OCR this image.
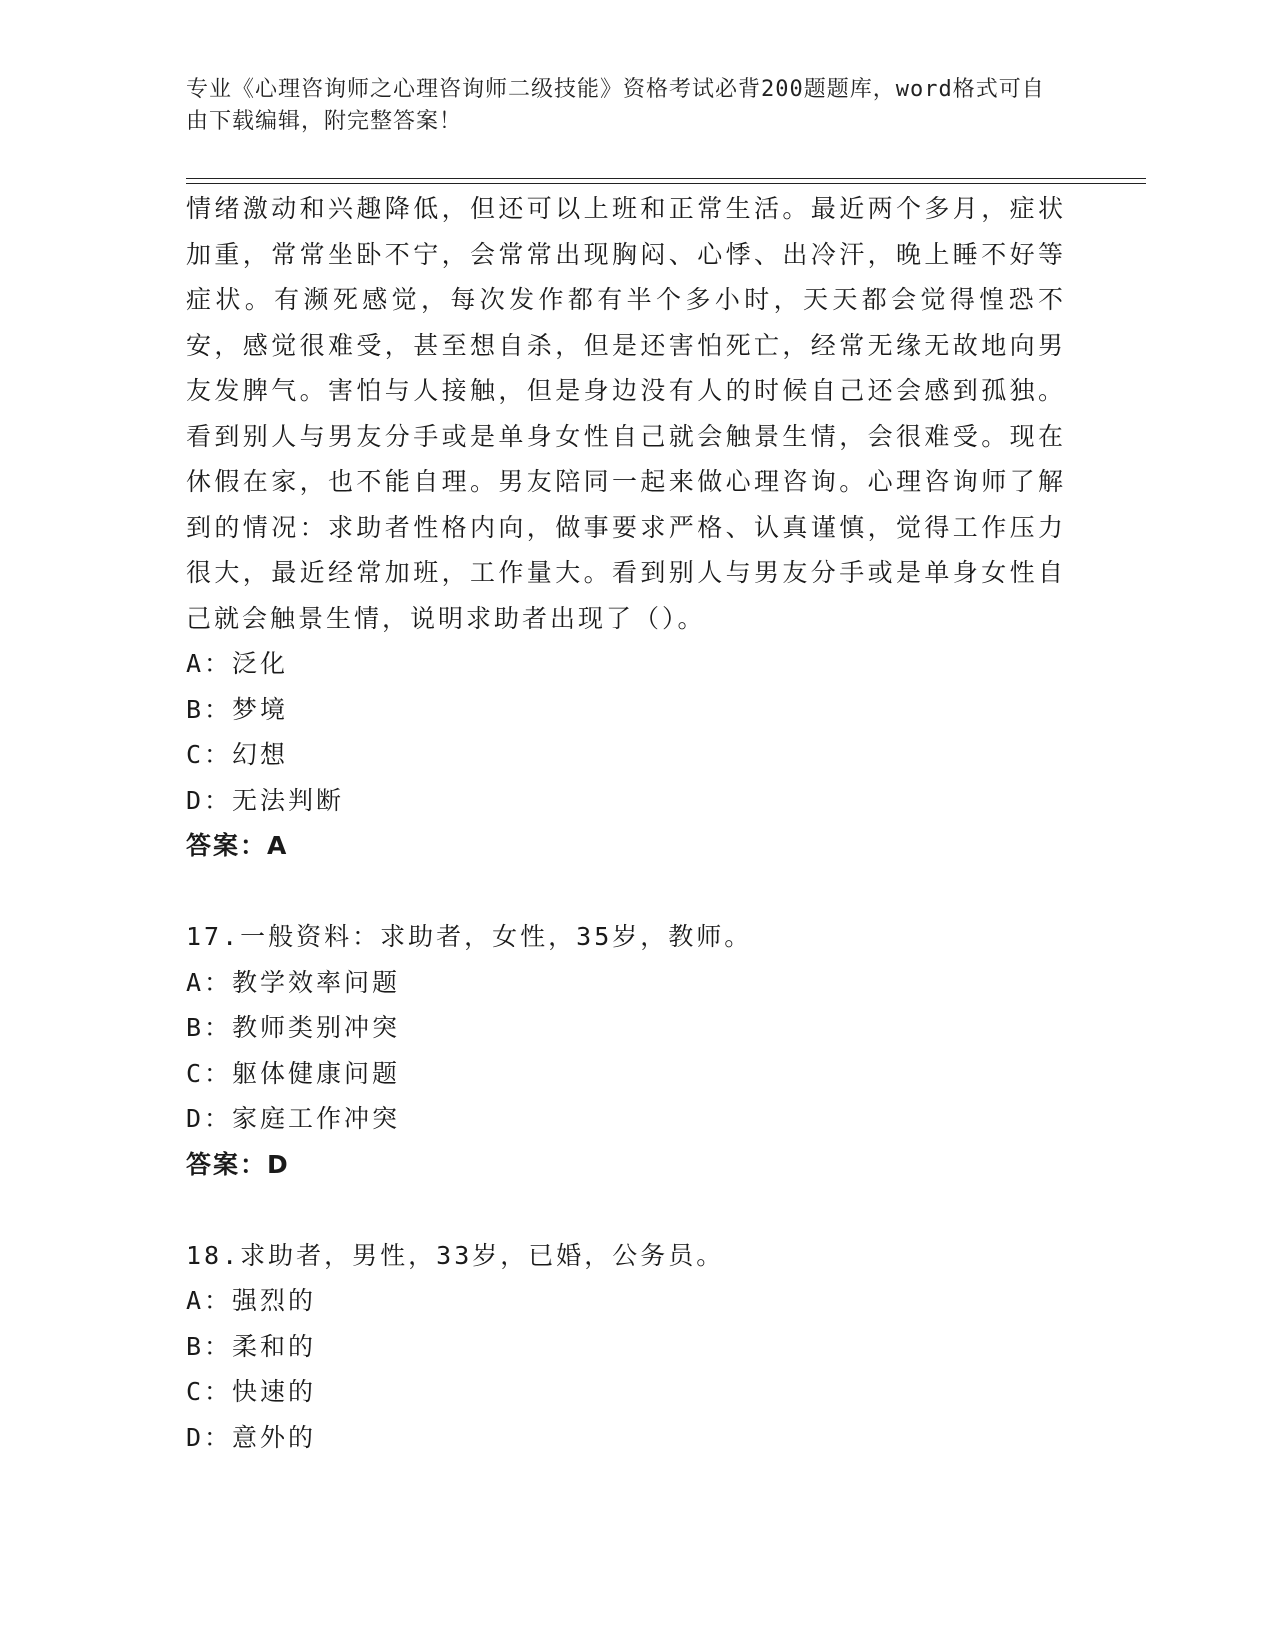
专业《心理咨询师之心理咨询师二级技能》资格考试必背200题题库，word格式可自由下载编辑，附完整答案！

情绪激动和兴趣降低，但还可以上班和正常生活。最近两个多月，症状加重，常常坐卧不宁，会常常出现胸闷、心悸、出冷汗，晚上睡不好等症状。有濒死感觉，每次发作都有半个多小时，天天都会觉得惶恐不安，感觉很难受，甚至想自杀，但是还害怕死亡，经常无缘无故地向男友发脾气。害怕与人接触，但是身边没有人的时候自己还会感到孤独。看到别人与男友分手或是单身女性自己就会触景生情，会很难受。现在休假在家，也不能自理。男友陪同一起来做心理咨询。心理咨询师了解到的情况：求助者性格内向，做事要求严格、认真谨慎，觉得工作压力很大，最近经常加班，工作量大。看到别人与男友分手或是单身女性自己就会触景生情，说明求助者出现了（）。

A：泛化
B：梦境
C：幻想
D：无法判断
答案：A
17.一般资料：求助者，女性，35岁，教师。
A：教学效率问题
B：教师类别冲突
C：躯体健康问题
D：家庭工作冲突
答案：D
18.求助者，男性，33岁，已婚，公务员。
A：强烈的
B：柔和的
C：快速的
D：意外的
